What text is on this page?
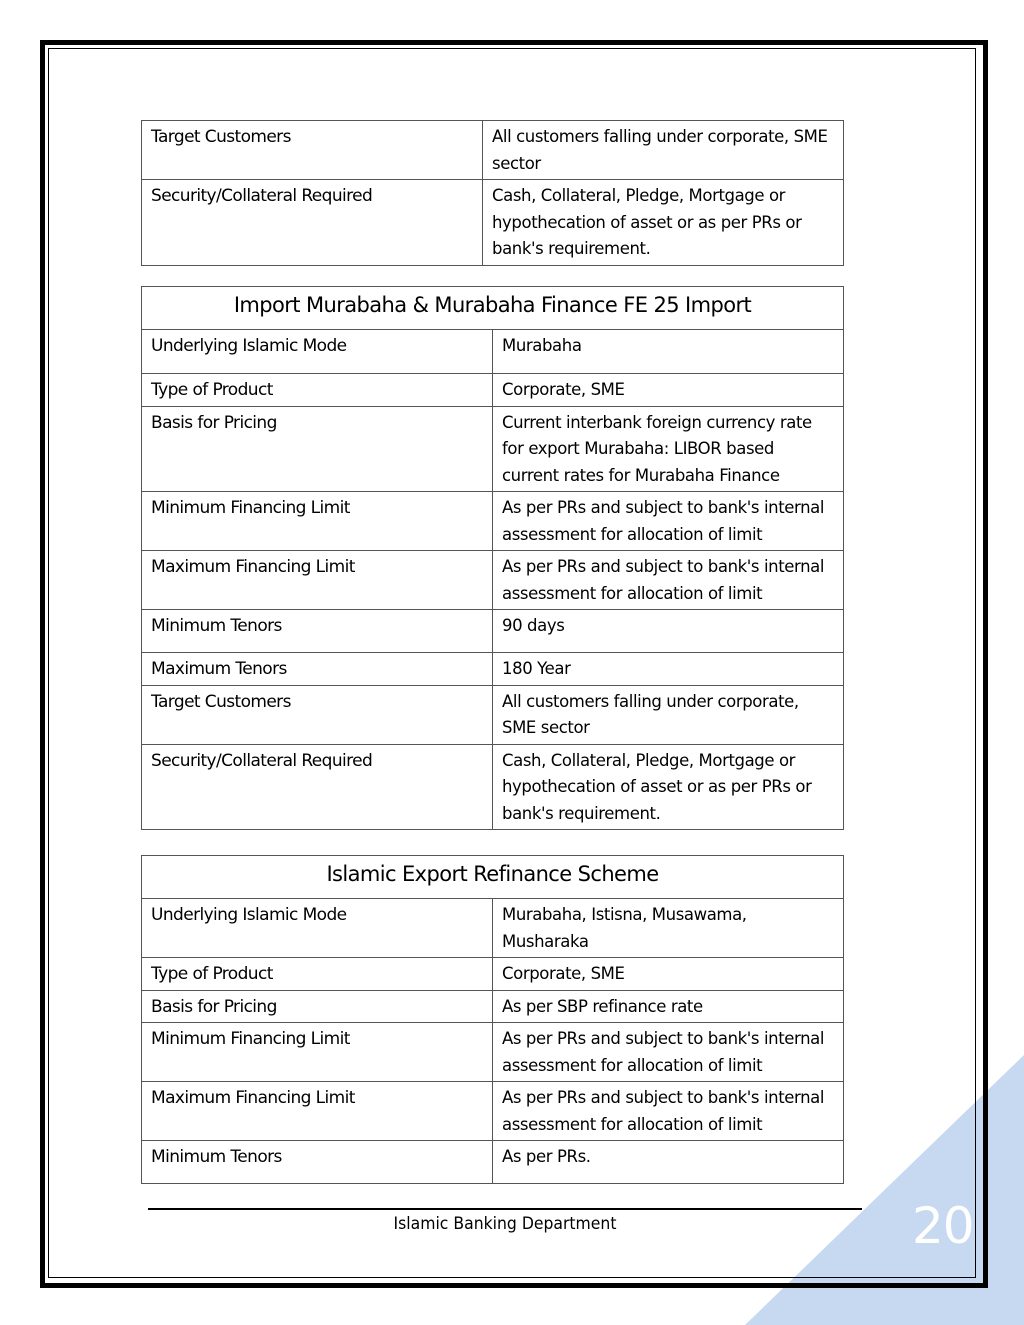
Target Customers	All customers falling under corporate, SME sector
Security/Collateral Required	Cash, Collateral, Pledge, Mortgage or hypothecation of asset or as per PRs or bank's requirement.
Import Murabaha & Murabaha Finance FE 25 Import	
Underlying Islamic Mode	Murabaha
Type of Product	Corporate, SME
Basis for Pricing	Current interbank foreign currency rate for export Murabaha: LIBOR based current rates for Murabaha Finance
Minimum Financing Limit	As per PRs and subject to bank's internal assessment for allocation of limit
Maximum Financing Limit	As per PRs and subject to bank's internal assessment for allocation of limit
Minimum Tenors	90 days
Maximum Tenors	180 Year
Target Customers	All customers falling under corporate, SME sector
Security/Collateral Required	Cash, Collateral, Pledge, Mortgage or hypothecation of asset or as per PRs or bank's requirement.
Islamic Export Refinance Scheme	
Underlying Islamic Mode	Murabaha, Istisna, Musawama, Musharaka
Type of Product	Corporate, SME
Basis for Pricing	As per SBP refinance rate
Minimum Financing Limit	As per PRs and subject to bank's internal assessment for allocation of limit
Maximum Financing Limit	As per PRs and subject to bank's internal assessment for allocation of limit
Minimum Tenors	As per PRs.
Islamic Banking Department	20
